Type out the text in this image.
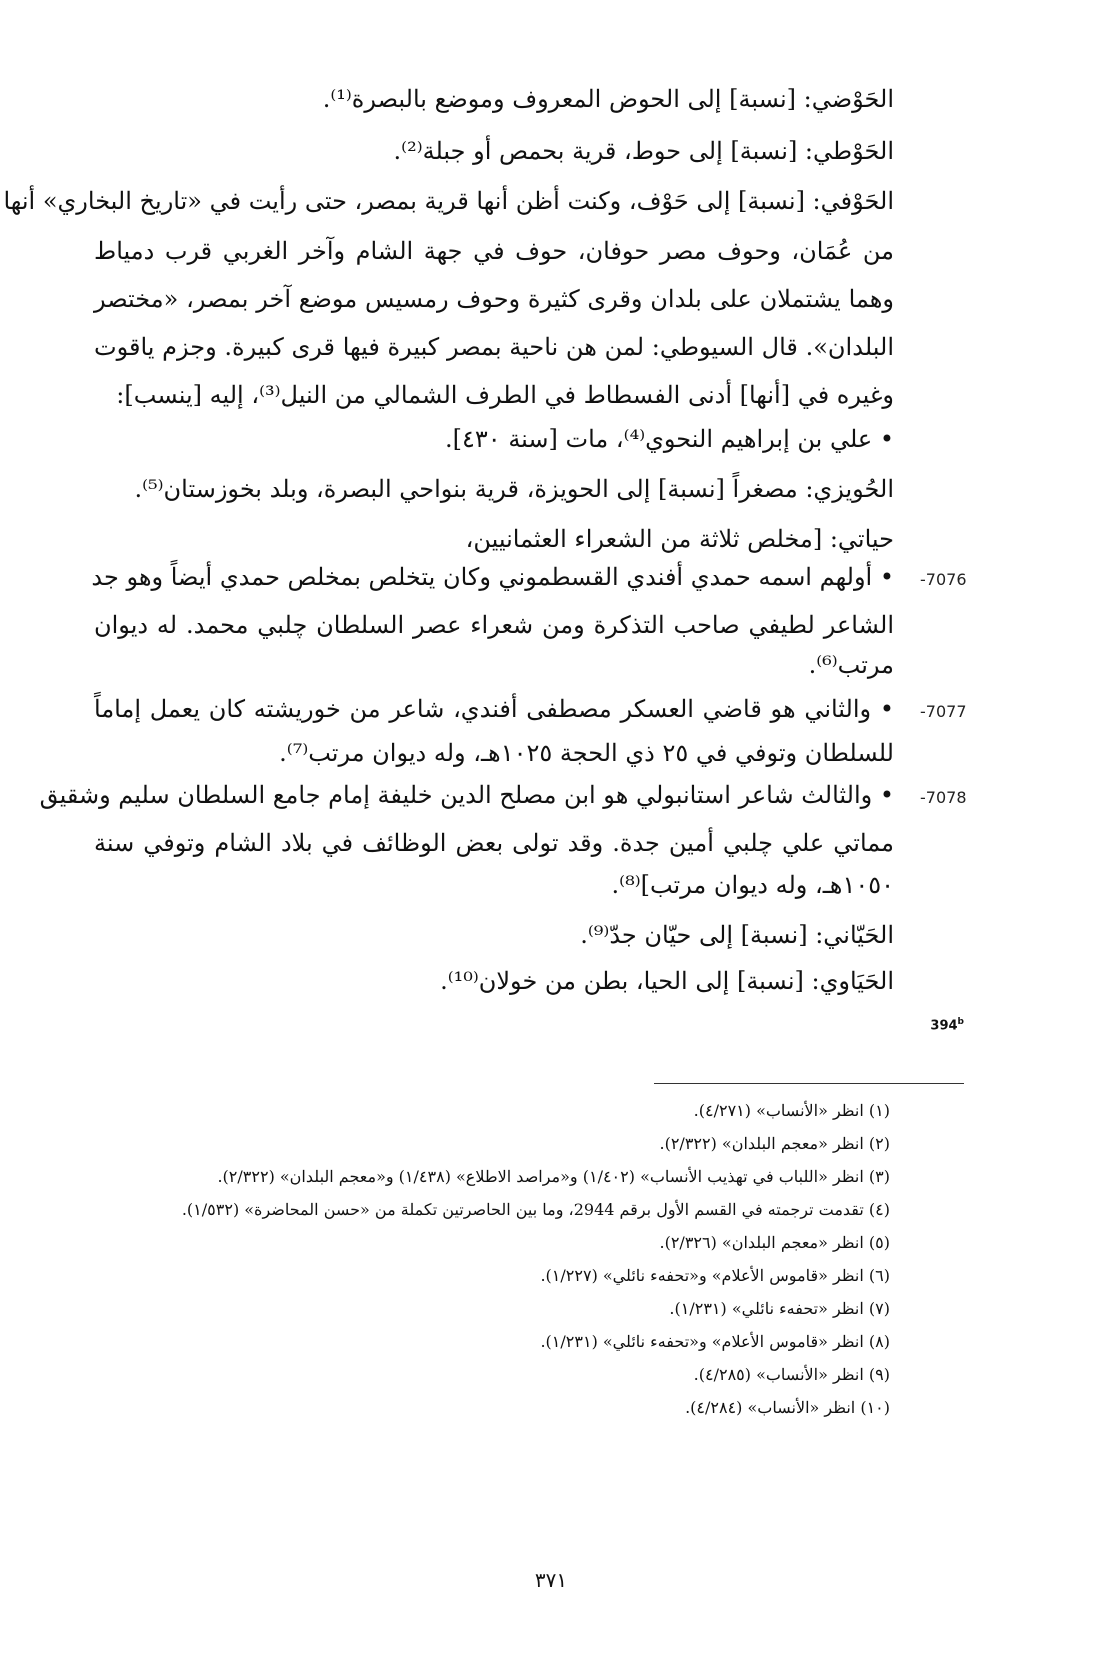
الحَوْضي: [نسبة] إلى الحوض المعروف وموضع بالبصرة⁽¹⁾.
الحَوْطي: [نسبة] إلى حوط، قرية بحمص أو جبلة⁽²⁾.
الحَوْفي: [نسبة] إلى حَوْف، وكنت أظن أنها قرية بمصر، حتى رأيت في «تاريخ البخاري» أنها
من عُمَان، وحوف مصر حوفان، حوف في جهة الشام وآخر الغربي قرب دمياط
وهما يشتملان على بلدان وقرى كثيرة وحوف رمسيس موضع آخر بمصر، «مختصر
البلدان». قال السيوطي: لمن هن ناحية بمصر كبيرة فيها قرى كبيرة. وجزم ياقوت
وغيره في [أنها] أدنى الفسطاط في الطرف الشمالي من النيل⁽³⁾، إليه [ينسب]:
• علي بن إبراهيم النحوي⁽⁴⁾، مات [سنة ٤٣٠].
الحُويزي: مصغراً [نسبة] إلى الحويزة، قرية بنواحي البصرة، وبلد بخوزستان⁽⁵⁾.
حياتي: [مخلص ثلاثة من الشعراء العثمانيين،
-7076
• أولهم اسمه حمدي أفندي القسطموني وكان يتخلص بمخلص حمدي أيضاً وهو جد
الشاعر لطيفي صاحب التذكرة ومن شعراء عصر السلطان چلبي محمد. له ديوان
مرتب⁽⁶⁾.
-7077
• والثاني هو قاضي العسكر مصطفى أفندي، شاعر من خوريشته كان يعمل إماماً
للسلطان وتوفي في ٢٥ ذي الحجة ١٠٢٥هـ، وله ديوان مرتب⁽⁷⁾.
-7078
• والثالث شاعر استانبولي هو ابن مصلح الدين خليفة إمام جامع السلطان سليم وشقيق
مماتي علي چلبي أمين جدة. وقد تولى بعض الوظائف في بلاد الشام وتوفي سنة
١٠٥٠هـ، وله ديوان مرتب]⁽⁸⁾.
الحَيّاني: [نسبة] إلى حيّان جدّ⁽⁹⁾.
الحَيَاوي: [نسبة] إلى الحيا، بطن من خولان⁽¹⁰⁾.
394$^b$
(١) انظر «الأنساب» (٤/٢٧١).
(٢) انظر «معجم البلدان» (٢/٣٢٢).
(٣) انظر «اللباب في تهذيب الأنساب» (١/٤٠٢) و«مراصد الاطلاع» (١/٤٣٨) و«معجم البلدان» (٢/٣٢٢).
(٤) تقدمت ترجمته في القسم الأول برقم 2944، وما بين الحاصرتين تكملة من «حسن المحاضرة» (١/٥٣٢).
(٥) انظر «معجم البلدان» (٢/٣٢٦).
(٦) انظر «قاموس الأعلام» و«تحفهء نائلي» (١/٢٢٧).
(٧) انظر «تحفهء نائلي» (١/٢٣١).
(٨) انظر «قاموس الأعلام» و«تحفهء نائلي» (١/٢٣١).
(٩) انظر «الأنساب» (٤/٢٨٥).
(١٠) انظر «الأنساب» (٤/٢٨٤).
٣٧١
